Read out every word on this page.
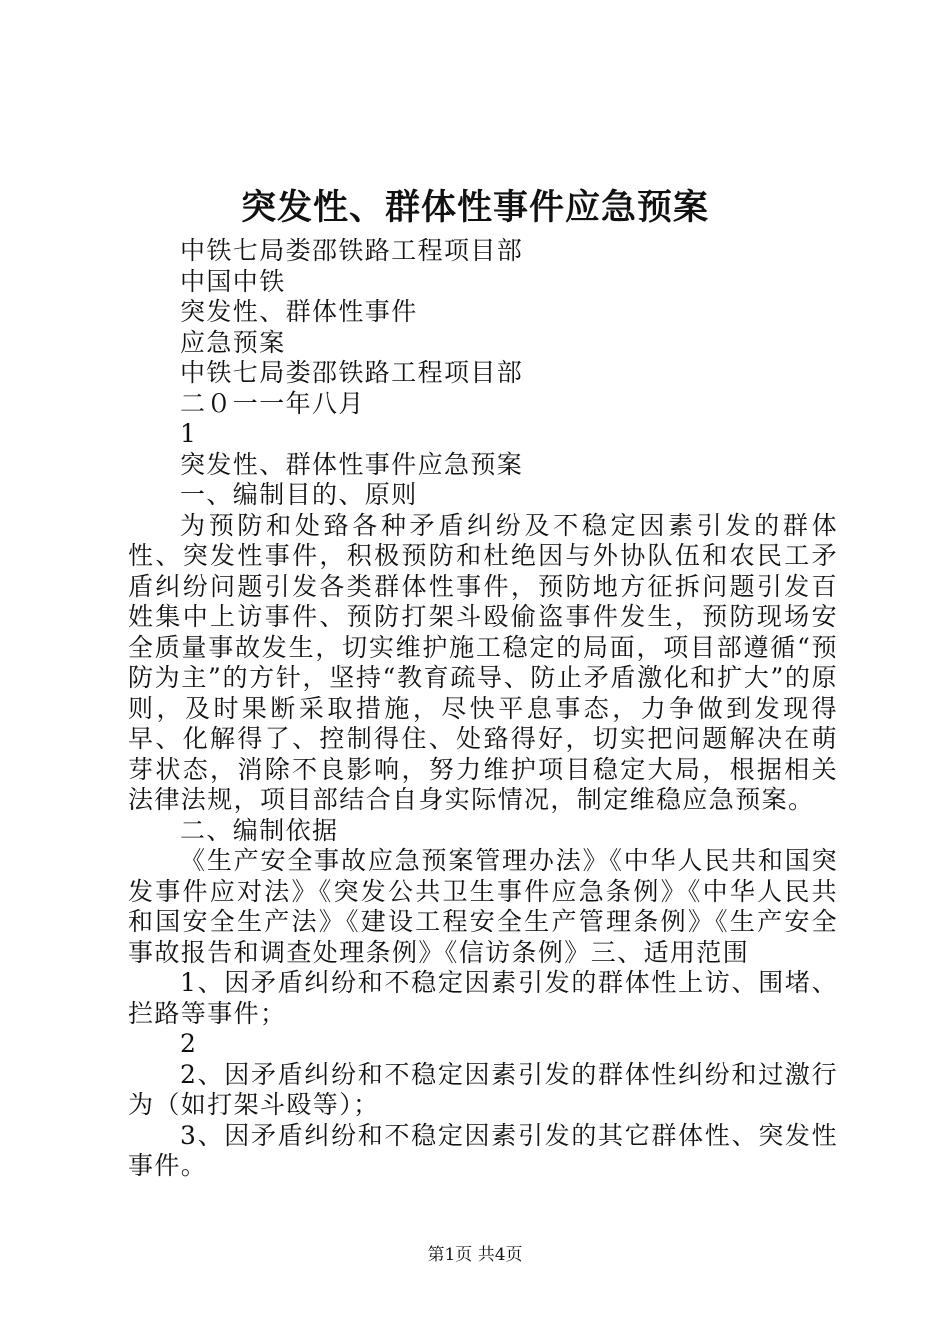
突发性、群体性事件应急预案
中铁七局娄邵铁路工程项目部
中国中铁
突发性、群体性事件
应急预案
中铁七局娄邵铁路工程项目部
二０一一年八月
1
突发性、群体性事件应急预案
一、编制目的、原则

为预防和处臵各种矛盾纠纷及不稳定因素引发的群体性、突发性事件，积极预防和杜绝因与外协队伍和农民工矛盾纠纷问题引发各类群体性事件，预防地方征拆问题引发百姓集中上访事件、预防打架斗殴偷盗事件发生，预防现场安全质量事故发生，切实维护施工稳定的局面，项目部遵循“预防为主”的方针，坚持“教育疏导、防止矛盾激化和扩大”的原则，及时果断采取措施，尽快平息事态，力争做到发现得早、化解得了、控制得住、处臵得好，切实把问题解决在萌芽状态，消除不良影响，努力维护项目稳定大局，根据相关法律法规，项目部结合自身实际情况，制定维稳应急预案。

二、编制依据

《生产安全事故应急预案管理办法》《中华人民共和国突发事件应对法》《突发公共卫生事件应急条例》《中华人民共和国安全生产法》《建设工程安全生产管理条例》《生产安全事故报告和调查处理条例》《信访条例》三、适用范围

1、因矛盾纠纷和不稳定因素引发的群体性上访、围堵、拦路等事件；

2

2、因矛盾纠纷和不稳定因素引发的群体性纠纷和过激行为（如打架斗殴等）；

3、因矛盾纠纷和不稳定因素引发的其它群体性、突发性事件。

第1页 共4页
